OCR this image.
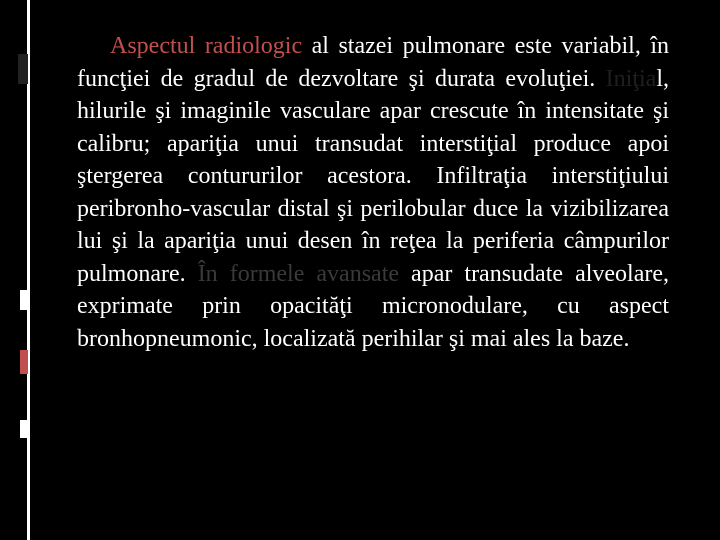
Aspectul radiologic al stazei pulmonare este variabil, în funcţiei de gradul de dezvoltare şi durata evoluţiei. Iniţial, hilurile şi imaginile vasculare apar crescute în intensitate şi calibru; apariţia unui transudat interstiţial produce apoi ştergerea contururilor acestora. Infiltraţia interstiţiului peribronho-vascular distal şi perilobular duce la vizibilizarea lui şi la apariţia unui desen în reţea la periferia câmpurilor pulmonare. În formele avansate apar transudate alveolare, exprimate prin opacităţi micronodulare, cu aspect bronhopneumonic, localizată perihilar şi mai ales la baze.
